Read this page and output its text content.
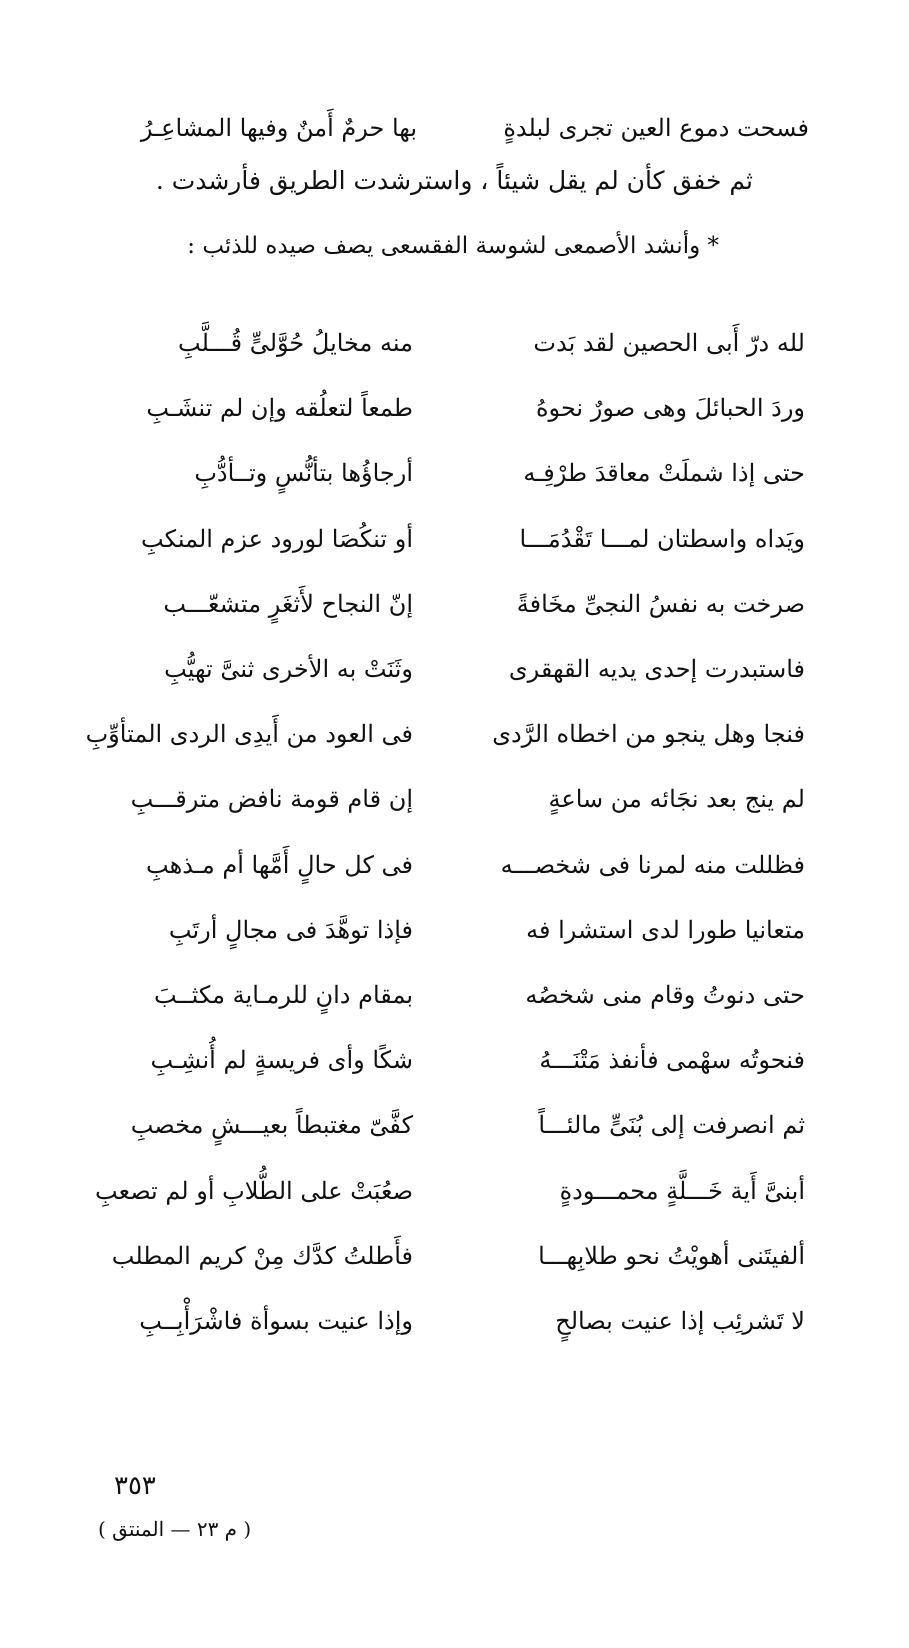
فسحت دموع العين تجرى لبلدةٍ
بها حرمٌ أَمنٌ وفيها المشاعِـرُ
ثم خفق كأن لم يقل شيئاً ، واسترشدت الطريق فأرشدت .
* وأنشد الأصمعى لشوسة الفقسعى يصف صيده للذئب :
لله درّ أَبى الحصين لقد بَدت
منه مخايلُ حُوَّلىٍّ قُـــلَّبِ
وردَ الحبائلَ وهى صورٌ نحوهُ
طمعاً لتعلُقه وإن لم تنشَـبِ
حتى إذا شملَتْ معاقدَ طرْفِـه
أرجاؤُها بتأنُّسٍ وتــأدُّبِ
ويَداه واسطتان لمـــا تَقْدُمَـــا
أو تنكُصَا لورود عزم المنكبِ
صرخت به نفسُ النجىِّ مخَافةً
إنّ النجاح لأَثغَرٍ متشعّـــب
فاستبدرت إحدى يديه القهقرى
وثَنَتْ به الأخرى ثنىَّ تهيُّبِ
فنجا وهل ينجو من اخطاه الرَّدى
فى العود من أَيدِى الردى المتأوِّبِ
لم ينج بعد نجَائه من ساعةٍ
إن قام قومة نافض مترقـــبِ
فظللت منه لمرنا فى شخصـــه
فى كل حالٍ أَمَّها أم مـذهبِ
متعانيا طورا لدى استشرا فه
فإذا توهَّدَ فى مجالٍ أرتَبِ
حتى دنوتُ وقام منى شخصُه
بمقام دانٍ للرمـاية مكثــبَ
فنحوتُه سهْمى فأنفذ مَتْنَـــهُ
شكًا وأى فريسةٍ لم أُنشِـبِ
ثم انصرفت إلى بُنَىٍّ مالئـــاً
كفَّىّ مغتبطاً بعيـــشٍ مخصبِ
أبنىَّ أَية خَـــلَّةٍ محمـــودةٍ
صعُبَتْ على الطُّلابِ أو لم تصعبِ
ألفيتَنى أهويْتُ نحو طلابِهـــا
فأَطلتُ كدَّك مِنْ كريم المطلب
لا تَشرئِب إذا عنيت بصالحٍ
وإذا عنيت بسوأة فاشْرَأْبِــبِ
٣٥٣
( م ٢٣ — المنتق )
